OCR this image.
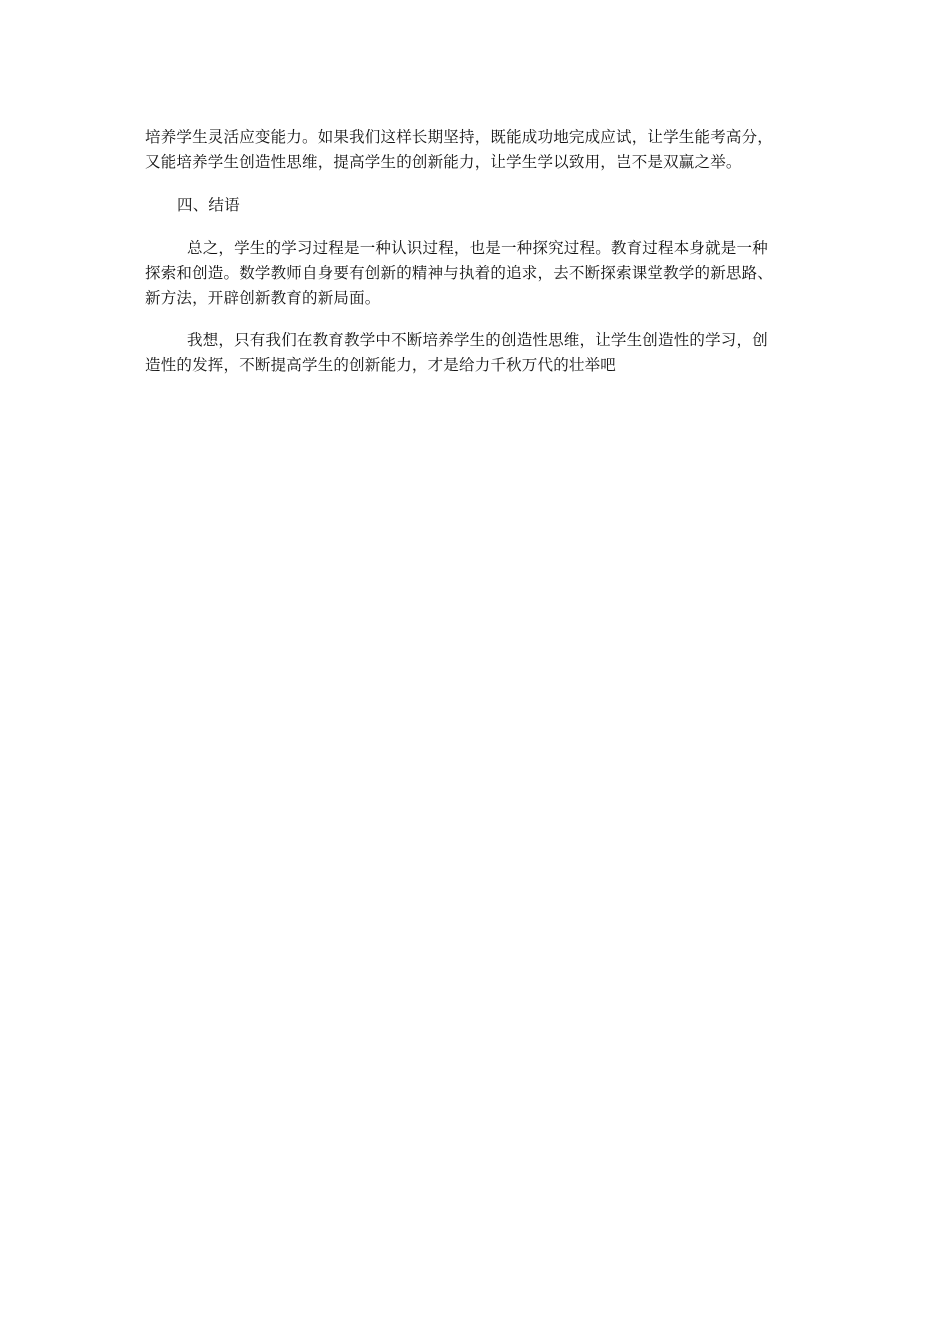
培养学生灵活应变能力。如果我们这样长期坚持，既能成功地完成应试，让学生能考高分，
又能培养学生创造性思维，提高学生的创新能力，让学生学以致用，岂不是双赢之举。
四、结语
总之，学生的学习过程是一种认识过程，也是一种探究过程。教育过程本身就是一种
探索和创造。数学教师自身要有创新的精神与执着的追求，去不断探索课堂教学的新思路、
新方法，开辟创新教育的新局面。
我想，只有我们在教育教学中不断培养学生的创造性思维，让学生创造性的学习，创
造性的发挥，不断提高学生的创新能力，才是给力千秋万代的壮举吧
